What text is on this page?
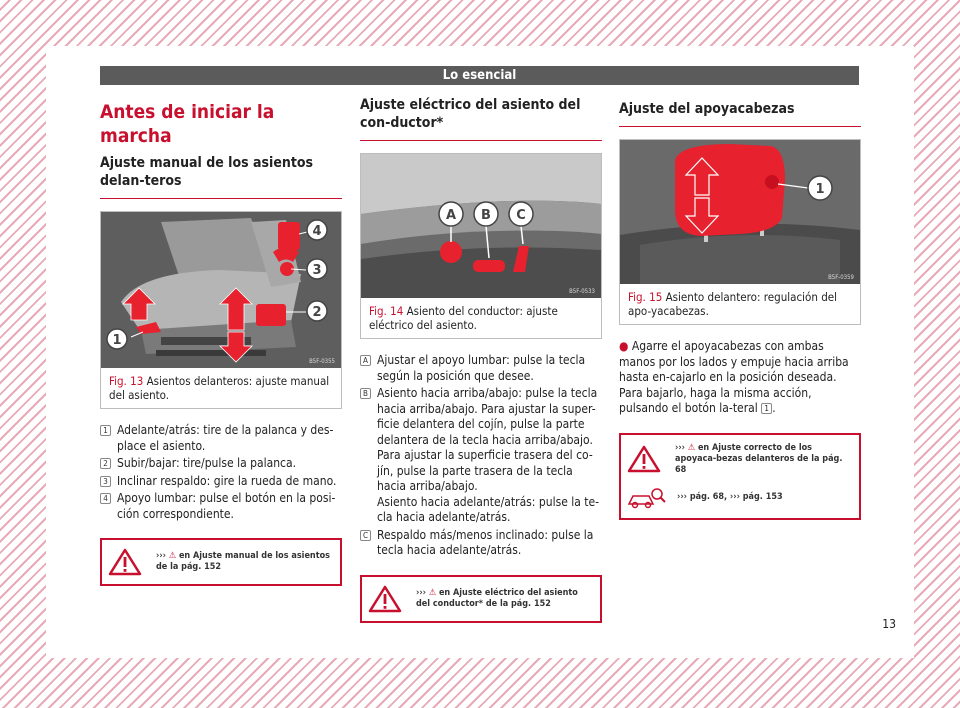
Lo esencial
Antes de iniciar la marcha
Ajuste manual de los asientos delan-teros
1
2
3
4
B5F-0355
Fig. 13 Asientos delanteros: ajuste manual del asiento.
1 Adelante/atrás: tire de la palanca y des-place el asiento.
2 Subir/bajar: tire/pulse la palanca.
3 Inclinar respaldo: gire la rueda de mano.
4 Apoyo lumbar: pulse el botón en la posi-ción correspondiente.
››› ⚠ en Ajuste manual de los asientos de la pág. 152
Ajuste eléctrico del asiento del con-ductor*
A B C
B5F-0533
Fig. 14 Asiento del conductor: ajuste eléctrico del asiento.
A Ajustar el apoyo lumbar: pulse la tecla según la posición que desee.
B Asiento hacia arriba/abajo: pulse la tecla hacia arriba/abajo. Para ajustar la super-ficie delantera del cojín, pulse la parte delantera de la tecla hacia arriba/abajo. Para ajustar la superficie trasera del co-jín, pulse la parte trasera de la tecla hacia arriba/abajo.
Asiento hacia adelante/atrás: pulse la te-cla hacia adelante/atrás.
C Respaldo más/menos inclinado: pulse la tecla hacia adelante/atrás.
››› ⚠ en Ajuste eléctrico del asiento del conductor* de la pág. 152
Ajuste del apoyacabezas
1
B5F-0359
Fig. 15 Asiento delantero: regulación del apo-yacabezas.
● Agarre el apoyacabezas con ambas manos por los lados y empuje hacia arriba hasta en-cajarlo en la posición deseada. Para bajarlo, haga la misma acción, pulsando el botón la-teral 1 .
››› ⚠ en Ajuste correcto de los apoyaca-bezas delanteros de la pág. 68
››› pág. 68, ››› pág. 153
13
